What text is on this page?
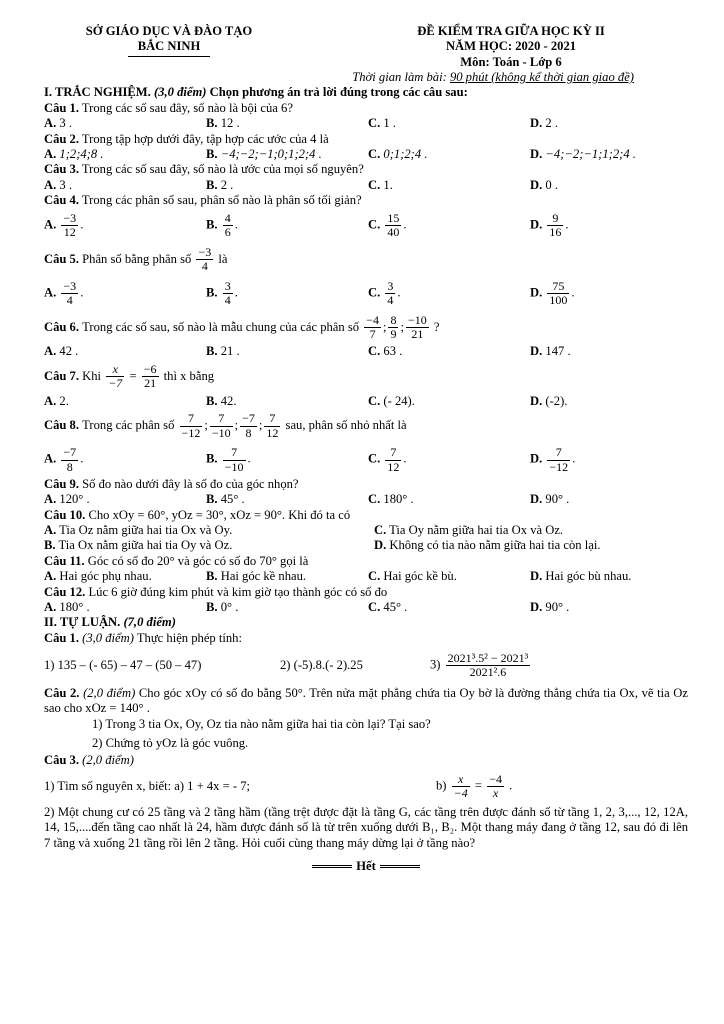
SỞ GIÁO DỤC VÀ ĐÀO TẠO
BẮC NINH
ĐỀ KIỂM TRA GIỮA HỌC KỲ II
NĂM HỌC: 2020 - 2021
Môn: Toán - Lớp 6
Thời gian làm bài: 90 phút (không kể thời gian giao đề)
I. TRẮC NGHIỆM. (3,0 điểm) Chọn phương án trả lời đúng trong các câu sau:
Câu 1. Trong các số sau đây, số nào là bội của 6?
A. 3 .	B. 12 .	C. 1 .	D. 2 .
Câu 2. Trong tập hợp dưới đây, tập hợp các ước của 4 là
A. 1;2;4;8 .	B. −4;−2;−1;0;1;2;4 .	C. 0;1;2;4 .	D. −4;−2;−1;1;2;4 .
Câu 3. Trong các số sau đây, số nào là ước của mọi số nguyên?
A. 3 .	B. 2 .	C. 1.	D. 0 .
Câu 4. Trong các phân số sau, phân số nào là phân số tối giản?
A. $\frac{-3}{12}$ .	B. $\frac{4}{6}$ .	C. $\frac{15}{40}$ .	D. $\frac{9}{16}$ .
Câu 5.
Phân số bằng phân số
$\frac{-3}{4}$
là
A. $\frac{-3}{4}$ .	B. $\frac{3}{4}$ .	C. $\frac{3}{4}$ .	D. $\frac{75}{100}$ .
Câu 6.
Trong các số sau, số nào là mẫu chung của các phân số
$\frac{-4}{7}$ ; $\frac{8}{9}$ ; $\frac{-10}{21}$
?
A. 42 .	B. 21 .	C. 63 .	D. 147 .
Câu 7.
Khi
$\frac{x}{-7}$
=
$\frac{-6}{21}$
thì x bằng
A. 2.	B. 42.	C. (- 24).	D. (-2).
Câu 8.
Trong các phân số
$\frac{7}{-12}$ ; $\frac{7}{-10}$ ; $\frac{-7}{8}$ ; $\frac{7}{12}$
sau, phân số nhỏ nhất là
A. $\frac{-7}{8}$ .	B. $\frac{7}{-10}$ .	C. $\frac{7}{12}$ .	D. $\frac{7}{-12}$ .
Câu 9. Số đo nào dưới đây là số đo của góc nhọn?
A. 120° .	B. 45° .	C. 180° .	D. 90° .
Câu 10. Cho xOy = 60°, yOz = 30°, xOz = 90°. Khi đó ta có
A. Tia Oz nằm giữa hai tia Ox và Oy.	C. Tia Oy nằm giữa hai tia Ox và Oz.
B. Tia Ox nằm giữa hai tia Oy và Oz.	D. Không có tia nào nằm giữa hai tia còn lại.
Câu 11. Góc có số đo 20° và góc có số đo 70° gọi là
A. Hai góc phụ nhau.	B. Hai góc kề nhau.	C. Hai góc kề bù.	D. Hai góc bù nhau.
Câu 12. Lúc 6 giờ đúng kim phút và kim giờ tạo thành góc có số đo
A. 180° .	B. 0° .	C. 45° .	D. 90° .
II. TỰ LUẬN. (7,0 điểm)
Câu 1. (3,0 điểm) Thực hiện phép tính:
1) 135 – (- 65) – 47 – (50 – 47)	2) (-5).8.(- 2).25	$3) \frac{\text{2021³.5² − 2021³}}{\text{2021².6}}$
Câu 2. (2,0 điểm) Cho góc xOy có số đo bằng 50°. Trên nửa mặt phẳng chứa tia Oy bờ là đường thẳng chứa tia Ox, vẽ tia Oz sao cho xOz = 140° .
1) Trong 3 tia Ox, Oy, Oz tia nào nằm giữa hai tia còn lại? Tại sao?
2) Chứng tỏ yOz là góc vuông.
Câu 3. (2,0 điểm)
1) Tìm số nguyên x, biết: a) 1 + 4x = - 7;	$b) \frac{x}{-4} = \frac{-4}{x}$ .
2) Một chung cư có 25 tầng và 2 tầng hầm (tầng trệt được đặt là tầng G, các tầng trên được đánh số từ tầng 1, 2, 3,..., 12, 12A, 14, 15,....đến tầng cao nhất là 24, hầm được đánh số là từ trên xuống dưới B₁, B₂. Một thang máy đang ở tầng 12, sau đó đi lên 7 tầng và xuống 21 tầng rồi lên 2 tầng. Hỏi cuối cùng thang máy dừng lại ở tầng nào?
Hết
